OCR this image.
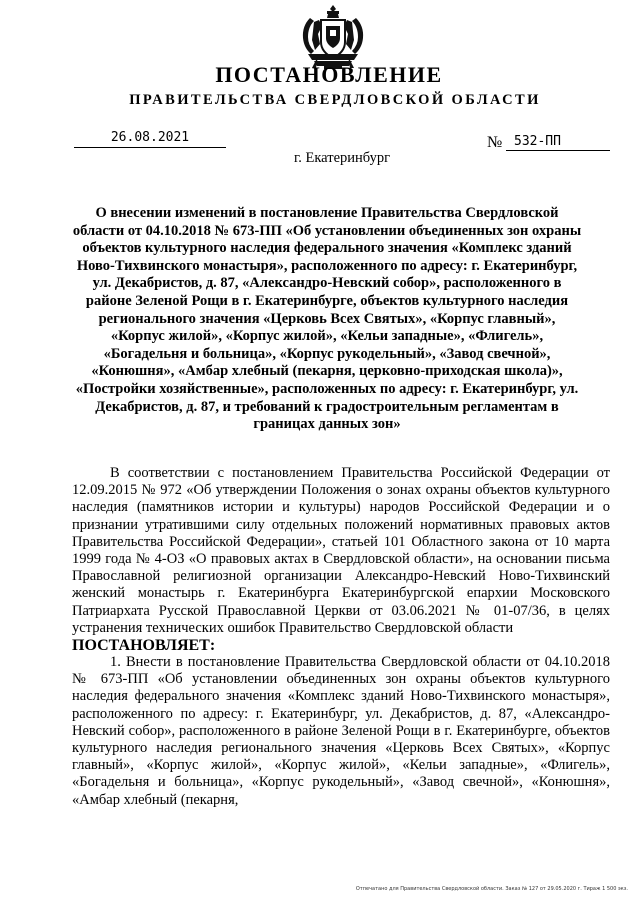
ПОСТАНОВЛЕНИЕ
ПРАВИТЕЛЬСТВА СВЕРДЛОВСКОЙ ОБЛАСТИ
26.08.2021	№ 532-ПП
г. Екатеринбург

О внесении изменений в постановление Правительства Свердловской области от 04.10.2018 № 673-ПП «Об установлении объединенных зон охраны объектов культурного наследия федерального значения «Комплекс зданий Ново-Тихвинского монастыря», расположенного по адресу: г. Екатеринбург, ул. Декабристов, д. 87, «Александро-Невский собор», расположенного в районе Зеленой Рощи в г. Екатеринбурге, объектов культурного наследия регионального значения «Церковь Всех Святых», «Корпус главный», «Корпус жилой», «Корпус жилой», «Кельи западные», «Флигель», «Богадельня и больница», «Корпус рукодельный», «Завод свечной», «Конюшня», «Амбар хлебный (пекарня, церковно-приходская школа)», «Постройки хозяйственные», расположенных по адресу: г. Екатеринбург, ул. Декабристов, д. 87, и требований к градостроительным регламентам в границах данных зон»

В соответствии с постановлением Правительства Российской Федерации от 12.09.2015 № 972 «Об утверждении Положения о зонах охраны объектов культурного наследия (памятников истории и культуры) народов Российской Федерации и о признании утратившими силу отдельных положений нормативных правовых актов Правительства Российской Федерации», статьей 101 Областного закона от 10 марта 1999 года № 4-ОЗ «О правовых актах в Свердловской области», на основании письма Православной религиозной организации Александро-Невский Ново-Тихвинский женский монастырь г. Екатеринбурга Екатеринбургской епархии Московского Патриархата Русской Православной Церкви от 03.06.2021 № 01-07/36, в целях устранения технических ошибок Правительство Свердловской области

ПОСТАНОВЛЯЕТ:

1. Внести в постановление Правительства Свердловской области от 04.10.2018 № 673-ПП «Об установлении объединенных зон охраны объектов культурного наследия федерального значения «Комплекс зданий Ново-Тихвинского монастыря», расположенного по адресу: г. Екатеринбург, ул. Декабристов, д. 87, «Александро-Невский собор», расположенного в районе Зеленой Рощи в г. Екатеринбурге, объектов культурного наследия регионального значения «Церковь Всех Святых», «Корпус главный», «Корпус жилой», «Корпус жилой», «Кельи западные», «Флигель», «Богадельня и больница», «Корпус рукодельный», «Завод свечной», «Конюшня», «Амбар хлебный (пекарня,

Отпечатано для Правительства Свердловской области. Заказ № 127 от 29.05.2020 г. Тираж 1 500 экз.
